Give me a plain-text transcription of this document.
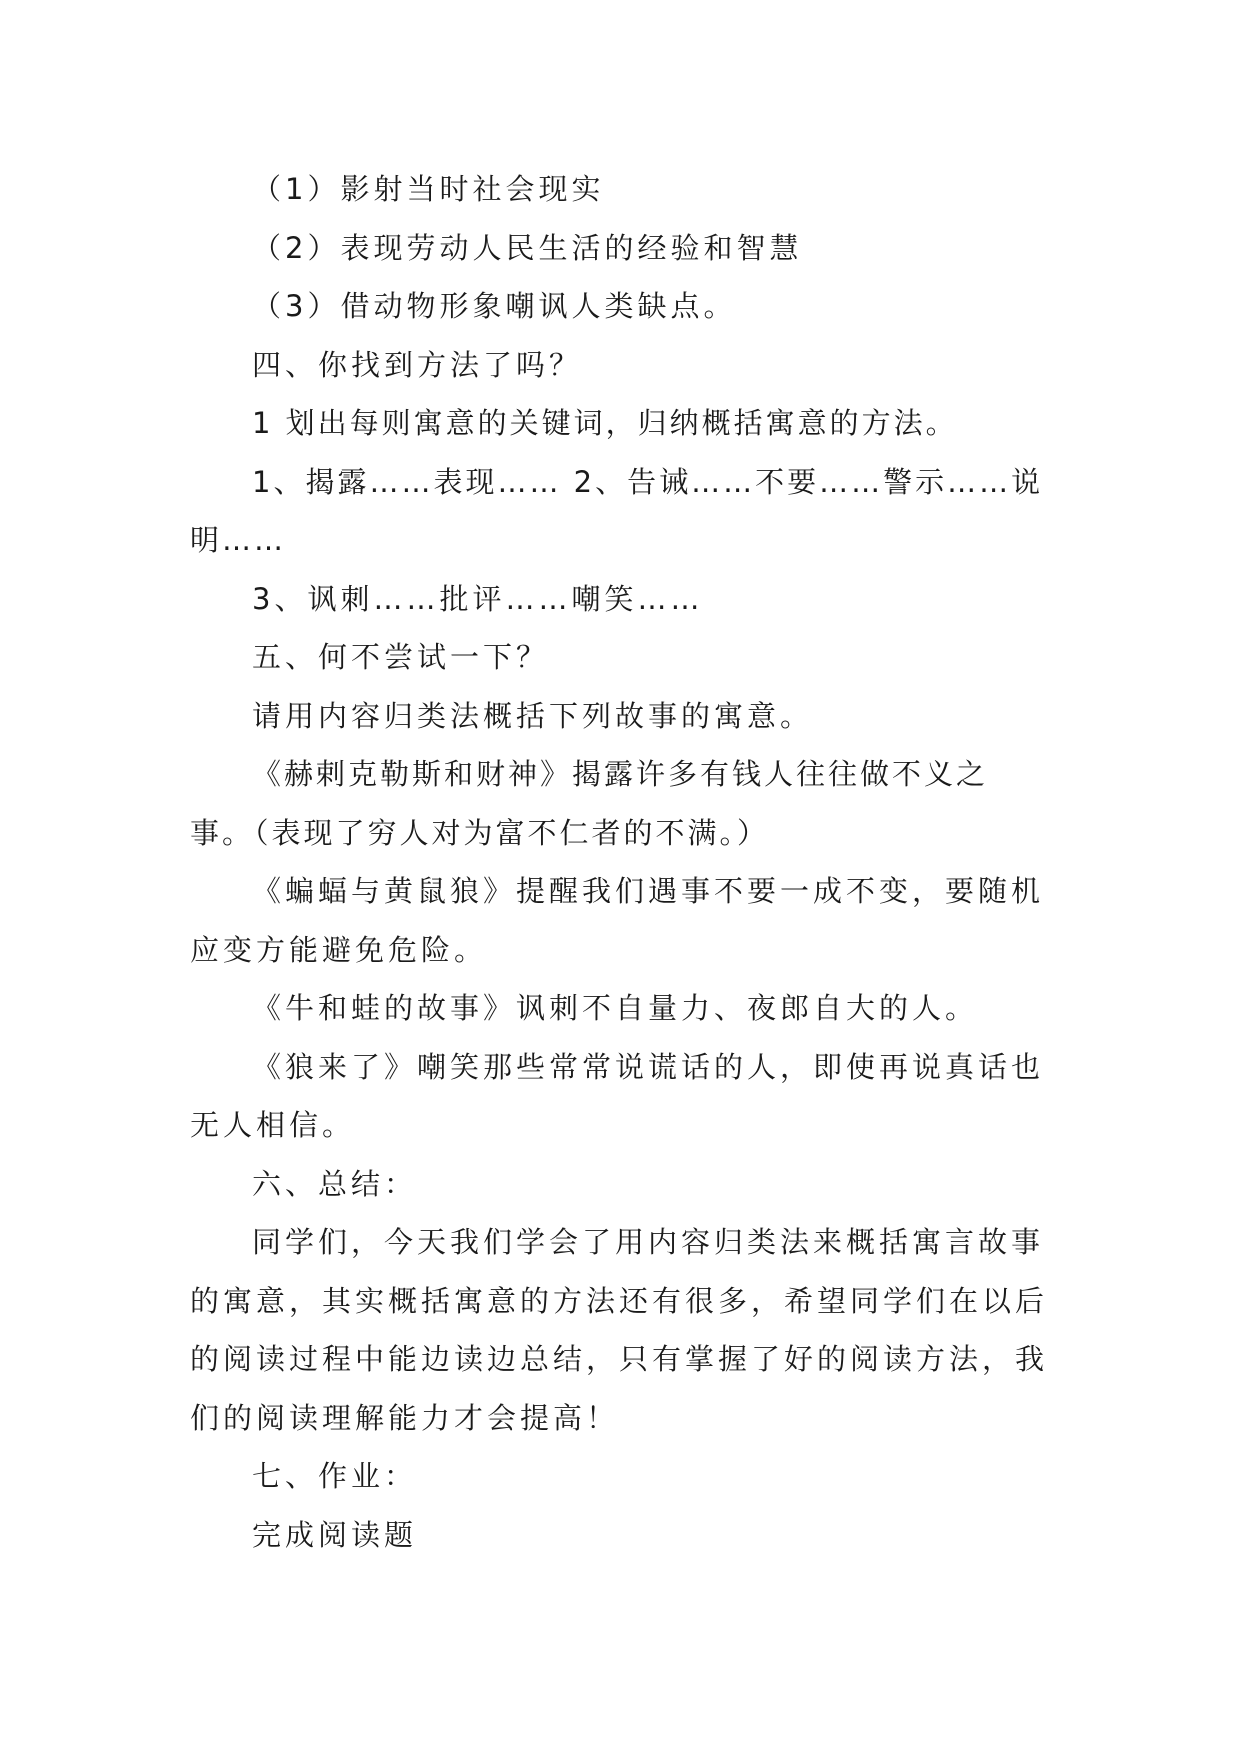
（1）影射当时社会现实

（2）表现劳动人民生活的经验和智慧

（3）借动物形象嘲讽人类缺点。

四、你找到方法了吗？

1 划出每则寓意的关键词，归纳概括寓意的方法。

1、揭露……表现…… 2、告诫……不要……警示……说明……

3、讽刺……批评……嘲笑……

五、何不尝试一下？

请用内容归类法概括下列故事的寓意。

《赫剌克勒斯和财神》揭露许多有钱人往往做不义之事。（表现了穷人对为富不仁者的不满。）

《蝙蝠与黄鼠狼》提醒我们遇事不要一成不变，要随机应变方能避免危险。

《牛和蛙的故事》讽刺不自量力、夜郎自大的人。

《狼来了》嘲笑那些常常说谎话的人，即使再说真话也无人相信。

六、总结：

同学们，今天我们学会了用内容归类法来概括寓言故事的寓意，其实概括寓意的方法还有很多，希望同学们在以后的阅读过程中能边读边总结，只有掌握了好的阅读方法，我们的阅读理解能力才会提高！

七、作业：

完成阅读题
